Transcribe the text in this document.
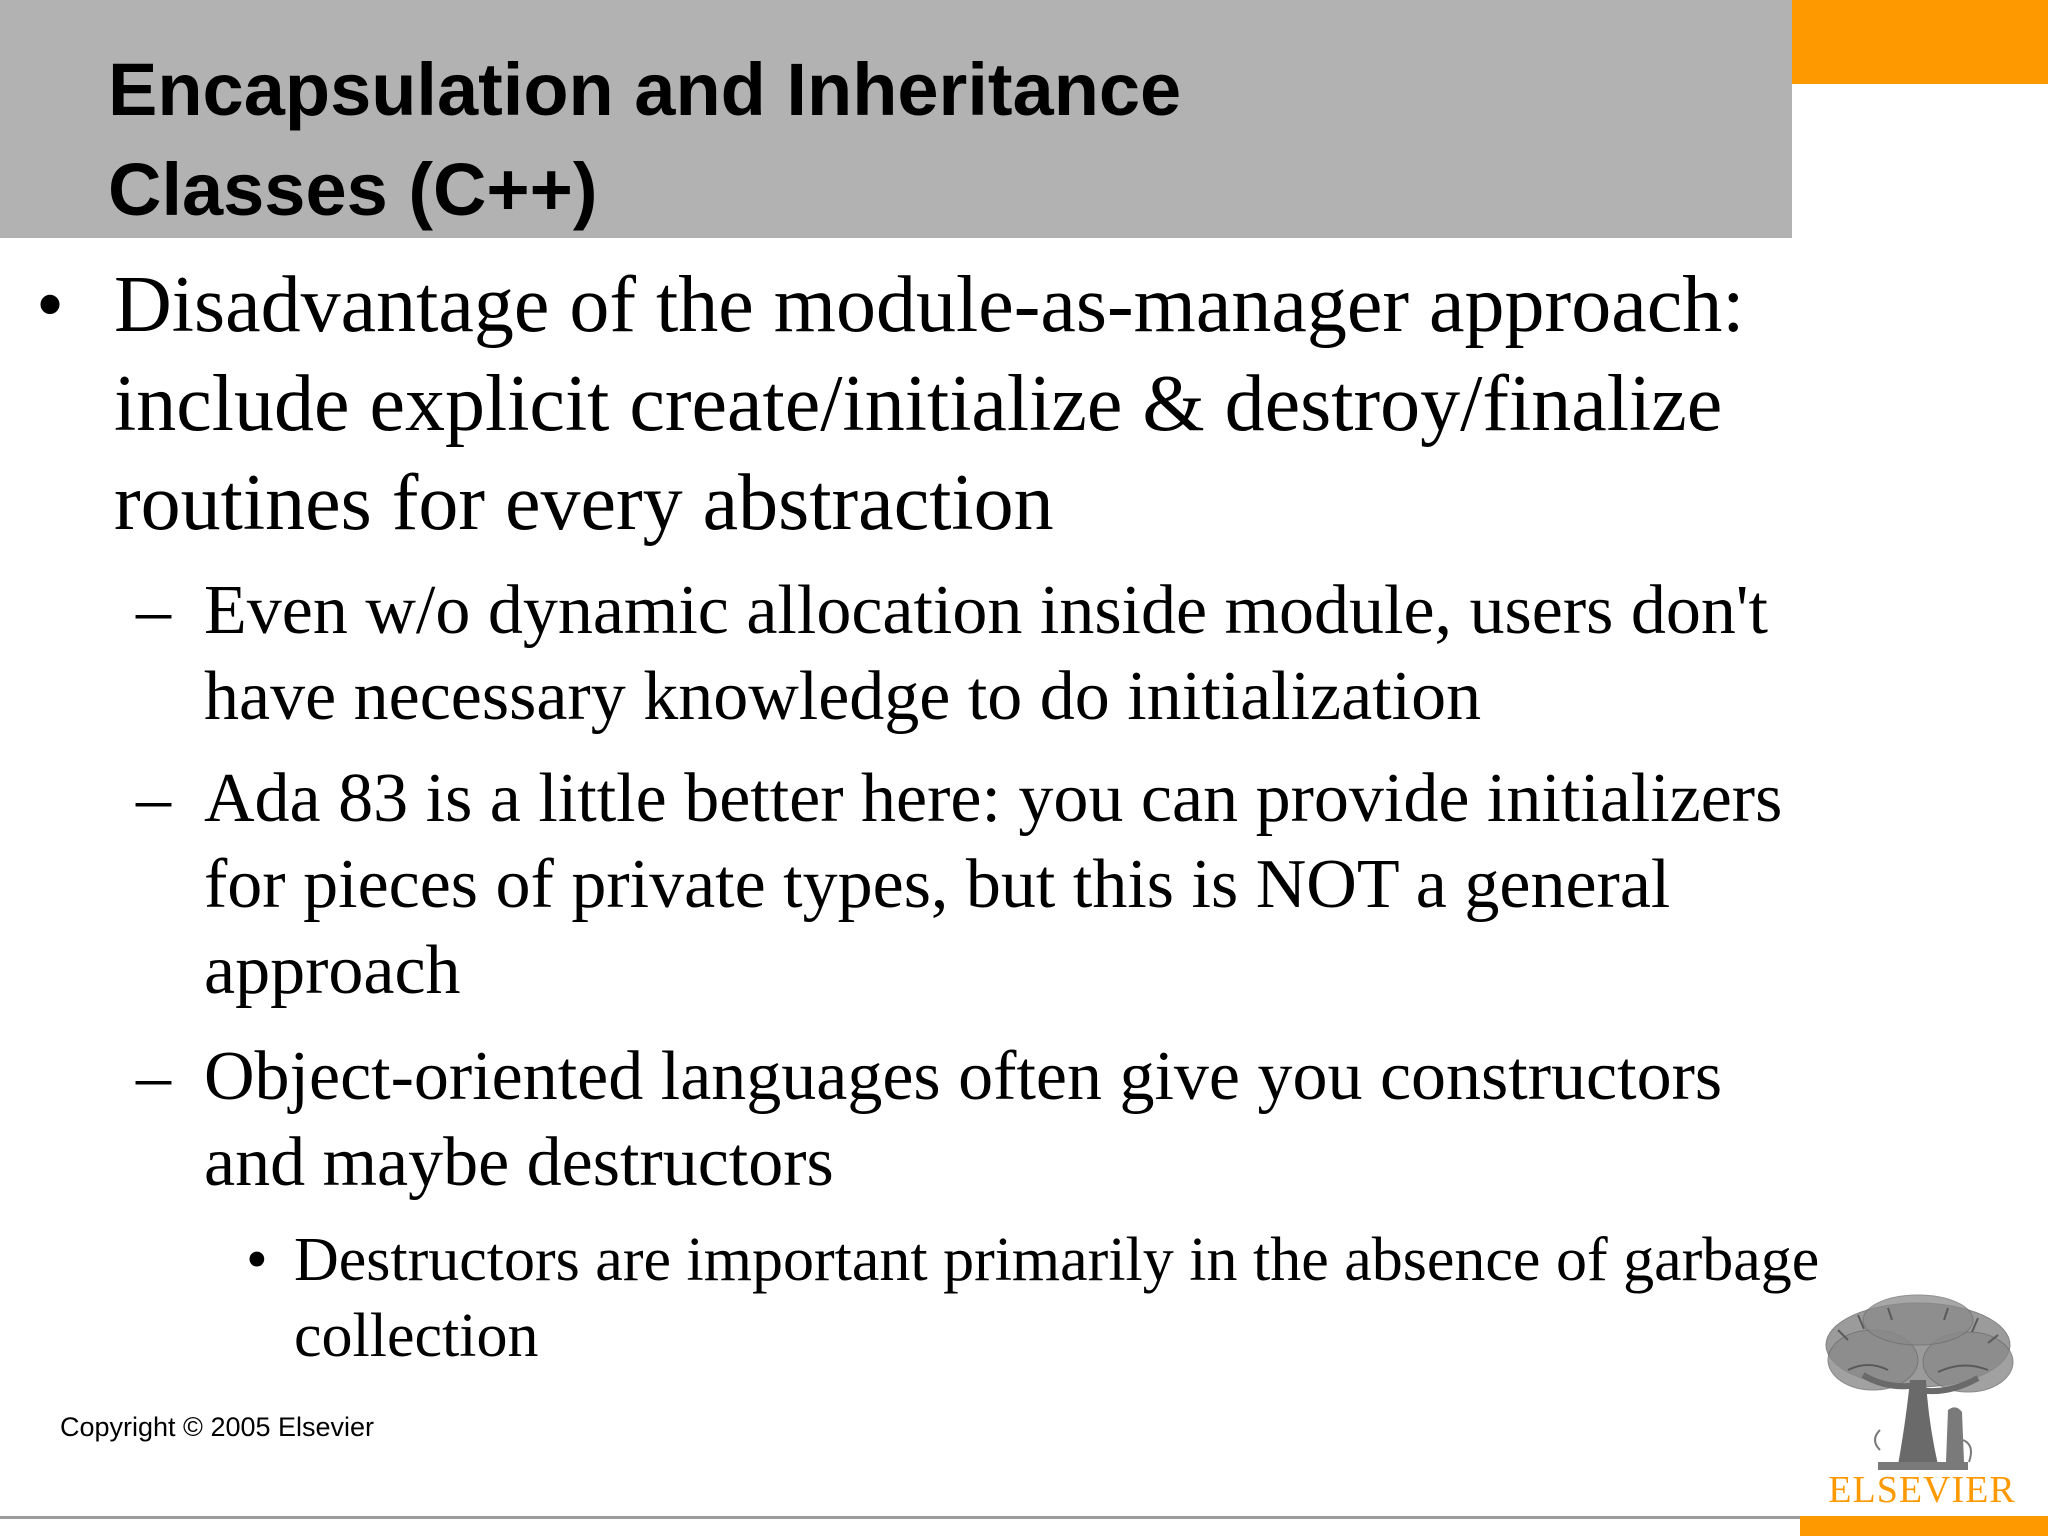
Encapsulation and Inheritance
Classes (C++)
• Disadvantage of the module-as-manager approach:
include explicit create/initialize & destroy/finalize
routines for every abstraction
– Even w/o dynamic allocation inside module, users don't
have necessary knowledge to do initialization
– Ada 83 is a little better here: you can provide initializers
for pieces of private types, but this is NOT a general
approach
– Object-oriented languages often give you constructors
and maybe destructors
• Destructors are important primarily in the absence of garbage
collection
Copyright © 2005 Elsevier
ELSEVIER
